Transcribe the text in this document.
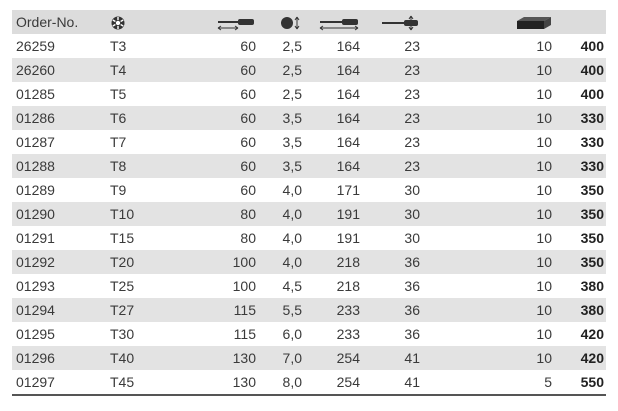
Order-No.							
26259	T3	60	2,5	164	23	10	400
26260	T4	60	2,5	164	23	10	400
01285	T5	60	2,5	164	23	10	400
01286	T6	60	3,5	164	23	10	330
01287	T7	60	3,5	164	23	10	330
01288	T8	60	3,5	164	23	10	330
01289	T9	60	4,0	171	30	10	350
01290	T10	80	4,0	191	30	10	350
01291	T15	80	4,0	191	30	10	350
01292	T20	100	4,0	218	36	10	350
01293	T25	100	4,5	218	36	10	380
01294	T27	115	5,5	233	36	10	380
01295	T30	115	6,0	233	36	10	420
01296	T40	130	7,0	254	41	10	420
01297	T45	130	8,0	254	41	5	550
